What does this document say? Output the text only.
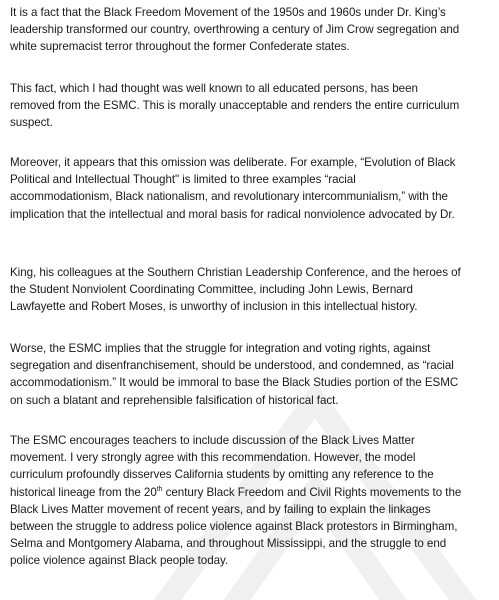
It is a fact that the Black Freedom Movement of the 1950s and 1960s under Dr. King’s
leadership transformed our country, overthrowing a century of Jim Crow segregation and
white supremacist terror throughout the former Confederate states.

This fact, which I had thought was well known to all educated persons, has been
removed from the ESMC. This is morally unacceptable and renders the entire curriculum
suspect.

Moreover, it appears that this omission was deliberate. For example, “Evolution of Black
Political and Intellectual Thought" is limited to three examples “racial
accommodationism, Black nationalism, and revolutionary intercommunialism,” with the
implication that the intellectual and moral basis for radical nonviolence advocated by Dr.

King, his colleagues at the Southern Christian Leadership Conference, and the heroes of
the Student Nonviolent Coordinating Committee, including John Lewis, Bernard
Lawfayette and Robert Moses, is unworthy of inclusion in this intellectual history.

Worse, the ESMC implies that the struggle for integration and voting rights, against
segregation and disenfranchisement, should be understood, and condemned, as “racial
accommodationism.” It would be immoral to base the Black Studies portion of the ESMC
on such a blatant and reprehensible falsification of historical fact.

The ESMC encourages teachers to include discussion of the Black Lives Matter
movement. I very strongly agree with this recommendation. However, the model
curriculum profoundly disserves California students by omitting any reference to the
historical lineage from the 20th century Black Freedom and Civil Rights movements to the
Black Lives Matter movement of recent years, and by failing to explain the linkages
between the struggle to address police violence against Black protestors in Birmingham,
Selma and Montgomery Alabama, and throughout Mississippi, and the struggle to end
police violence against Black people today.
